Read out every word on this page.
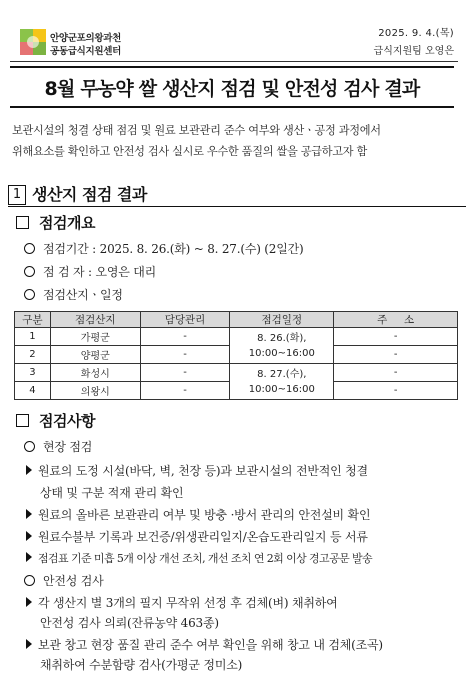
안양군포의왕과천
공동급식지원센터
2025. 9. 4.(목)
급식지원팀 오영은
8월 무농약 쌀 생산지 점검 및 안전성 검사 결과
보관시설의 청결 상태 점검 및 원료 보관관리 준수 여부와 생산ㆍ공정 과정에서
위해요소를 확인하고 안전성 검사 실시로 우수한 품질의 쌀을 공급하고자 함
1 생산지 점검 결과
점검개요
점검기간 : 2025. 8. 26.(화) ~ 8. 27.(수) (2일간)
점 검 자 : 오영은 대리
점검산지ㆍ일정
구분	점검산지	담당관리	점검일정	주     소
1	가평군	-	8. 26.(화),
10:00~16:00	-
2	양평군	-		-
3	화성시	-	8. 27.(수),
10:00~16:00	-
4	의왕시	-		-
점검사항
현장 점검
원료의 도정 시설(바닥, 벽, 천장 등)과 보관시설의 전반적인 청결
상태 및 구분 적재 관리 확인
원료의 올바른 보관관리 여부 및 방충 ·방서 관리의 안전설비 확인
원료수불부 기록과 보건증/위생관리일지/온습도관리일지 등 서류
점검표 기준 미흡 5개 이상 개선 조치, 개선 조치 연 2회 이상 경고공문 발송
안전성 검사
각 생산지 별 3개의 필지 무작위 선정 후 검체(벼) 채취하여
안전성 검사 의뢰(잔류농약 463종)
보관 창고 현장 품질 관리 준수 여부 확인을 위해 창고 내 검체(조곡)
채취하여 수분함량 검사(가평군 정미소)
